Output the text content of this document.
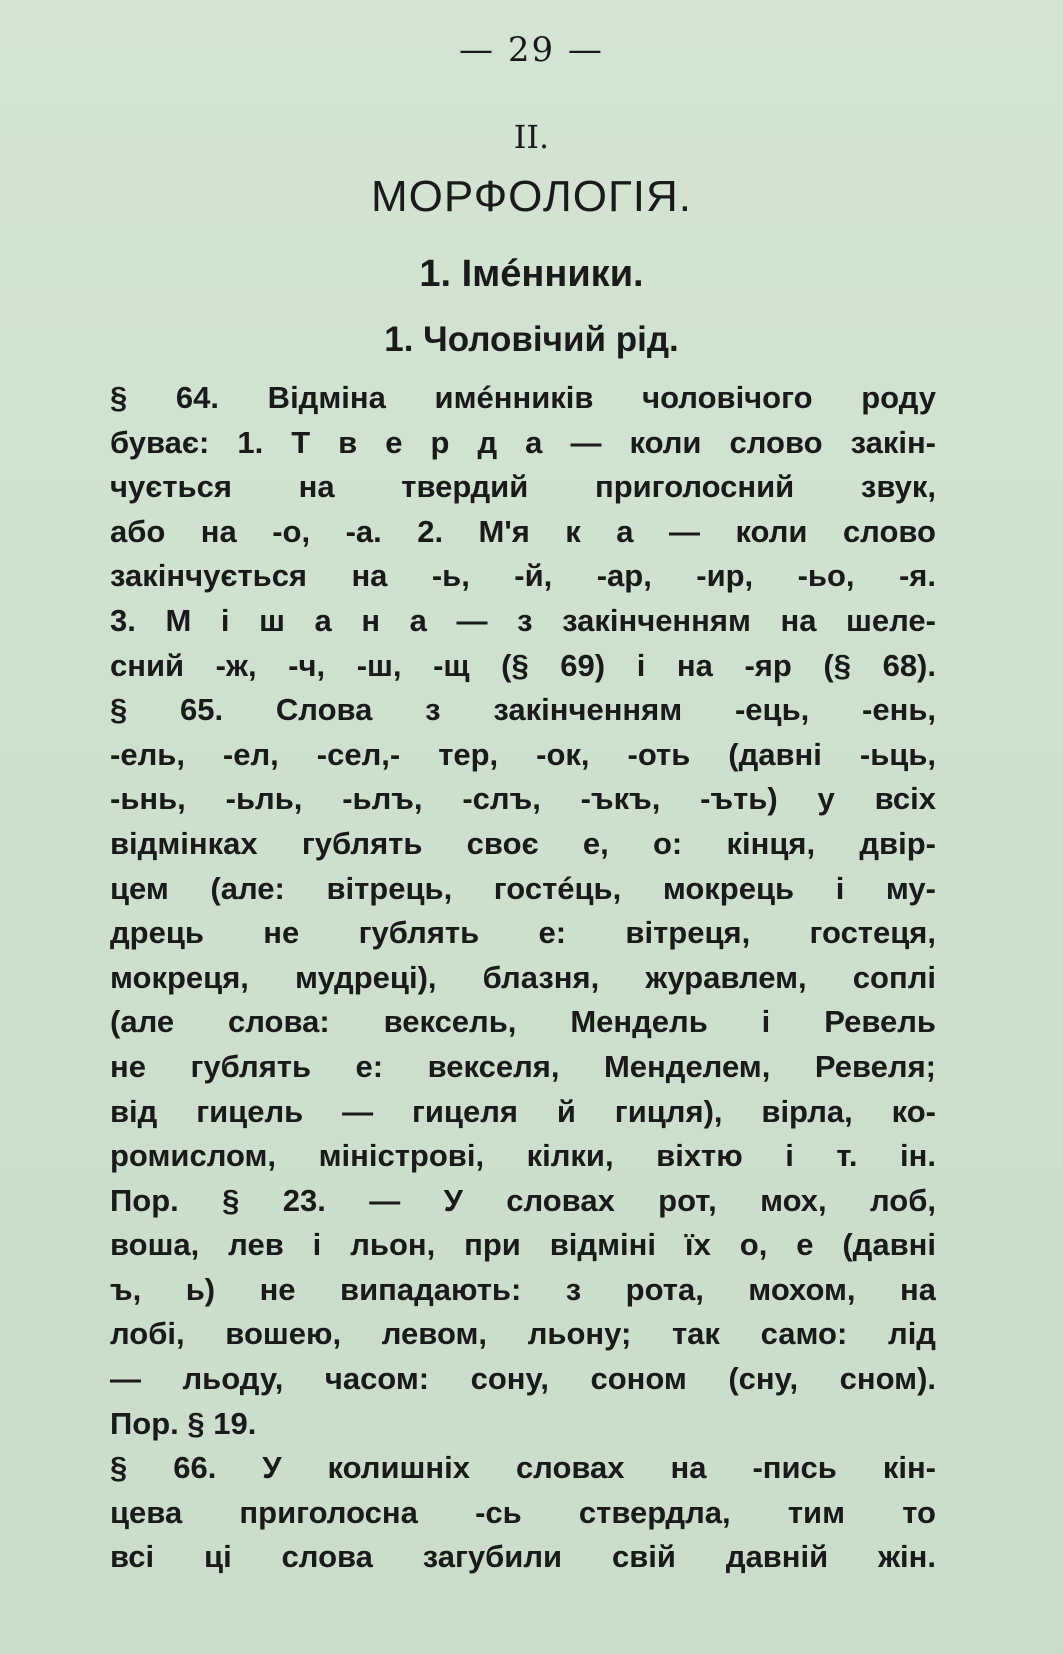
— 29 —
II.
МОРФОЛОГІЯ.
1. Імéнники.
1. Чоловічий рід.
§ 64. Відміна имéнників чоловічого роду
буває: 1. Т в е р д а — коли слово закін-
чується на твердий приголосний звук,
або на -о, -а. 2. М'я к а — коли слово
закінчується на -ь, -й, -ар, -ир, -ьо, -я.
3. М і ш а н а — з закінченням на шеле-
сний -ж, -ч, -ш, -щ (§ 69) і на -яр (§ 68).
§ 65. Слова з закінченням -ець, -ень,
-ель, -ел, -сел,- тер, -ок, -оть (давні -ьць,
-ьнь, -ьль, -ьлъ, -слъ, -ъкъ, -ъть) у всіх
відмінках гублять своє е, о: кінця, двір-
цем (але: вітрець, гостéць, мокрець і му-
дрець не гублять е: вітреця, гостеця,
мокреця, мудреці), блазня, журавлем, соплі
(але слова: вексель, Мендель і Ревель
не гублять е: векселя, Менделем, Ревеля;
від гицель — гицеля й гицля), вірла, ко-
ромислом, міністрові, кілки, віхтю і т. ін.
Пор. § 23. — У словах рот, мох, лоб,
воша, лев і льон, при відміні їх о, е (давні
ъ, ь) не випадають: з рота, мохом, на
лобі, вошею, левом, льону; так само: лід
— льоду, часом: сону, соном (сну, сном).
Пор. § 19.
§ 66. У колишніх словах на -пись кін-
цева приголосна -сь ствердла, тим то
всі ці слова загубили свій давній жін.
